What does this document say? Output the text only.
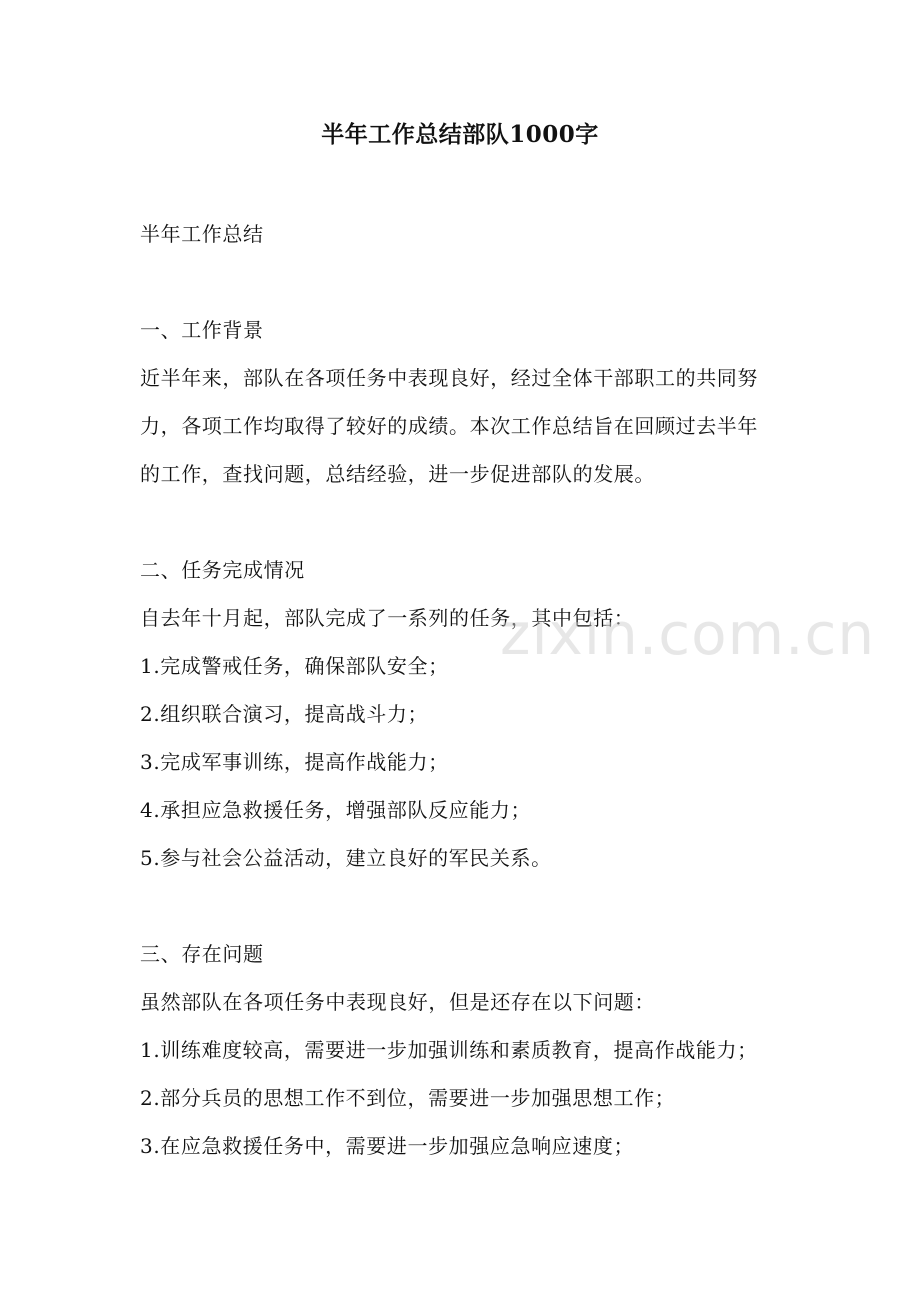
半年工作总结部队1000字
半年工作总结
一、工作背景
近半年来，部队在各项任务中表现良好，经过全体干部职工的共同努
力，各项工作均取得了较好的成绩。本次工作总结旨在回顾过去半年
的工作，查找问题，总结经验，进一步促进部队的发展。
二、任务完成情况
自去年十月起，部队完成了一系列的任务，其中包括：
1.完成警戒任务，确保部队安全；
2.组织联合演习，提高战斗力；
3.完成军事训练，提高作战能力；
4.承担应急救援任务，增强部队反应能力；
5.参与社会公益活动，建立良好的军民关系。
三、存在问题
虽然部队在各项任务中表现良好，但是还存在以下问题：
1.训练难度较高，需要进一步加强训练和素质教育，提高作战能力；
2.部分兵员的思想工作不到位，需要进一步加强思想工作；
3.在应急救援任务中，需要进一步加强应急响应速度；
zixin.com.cn
